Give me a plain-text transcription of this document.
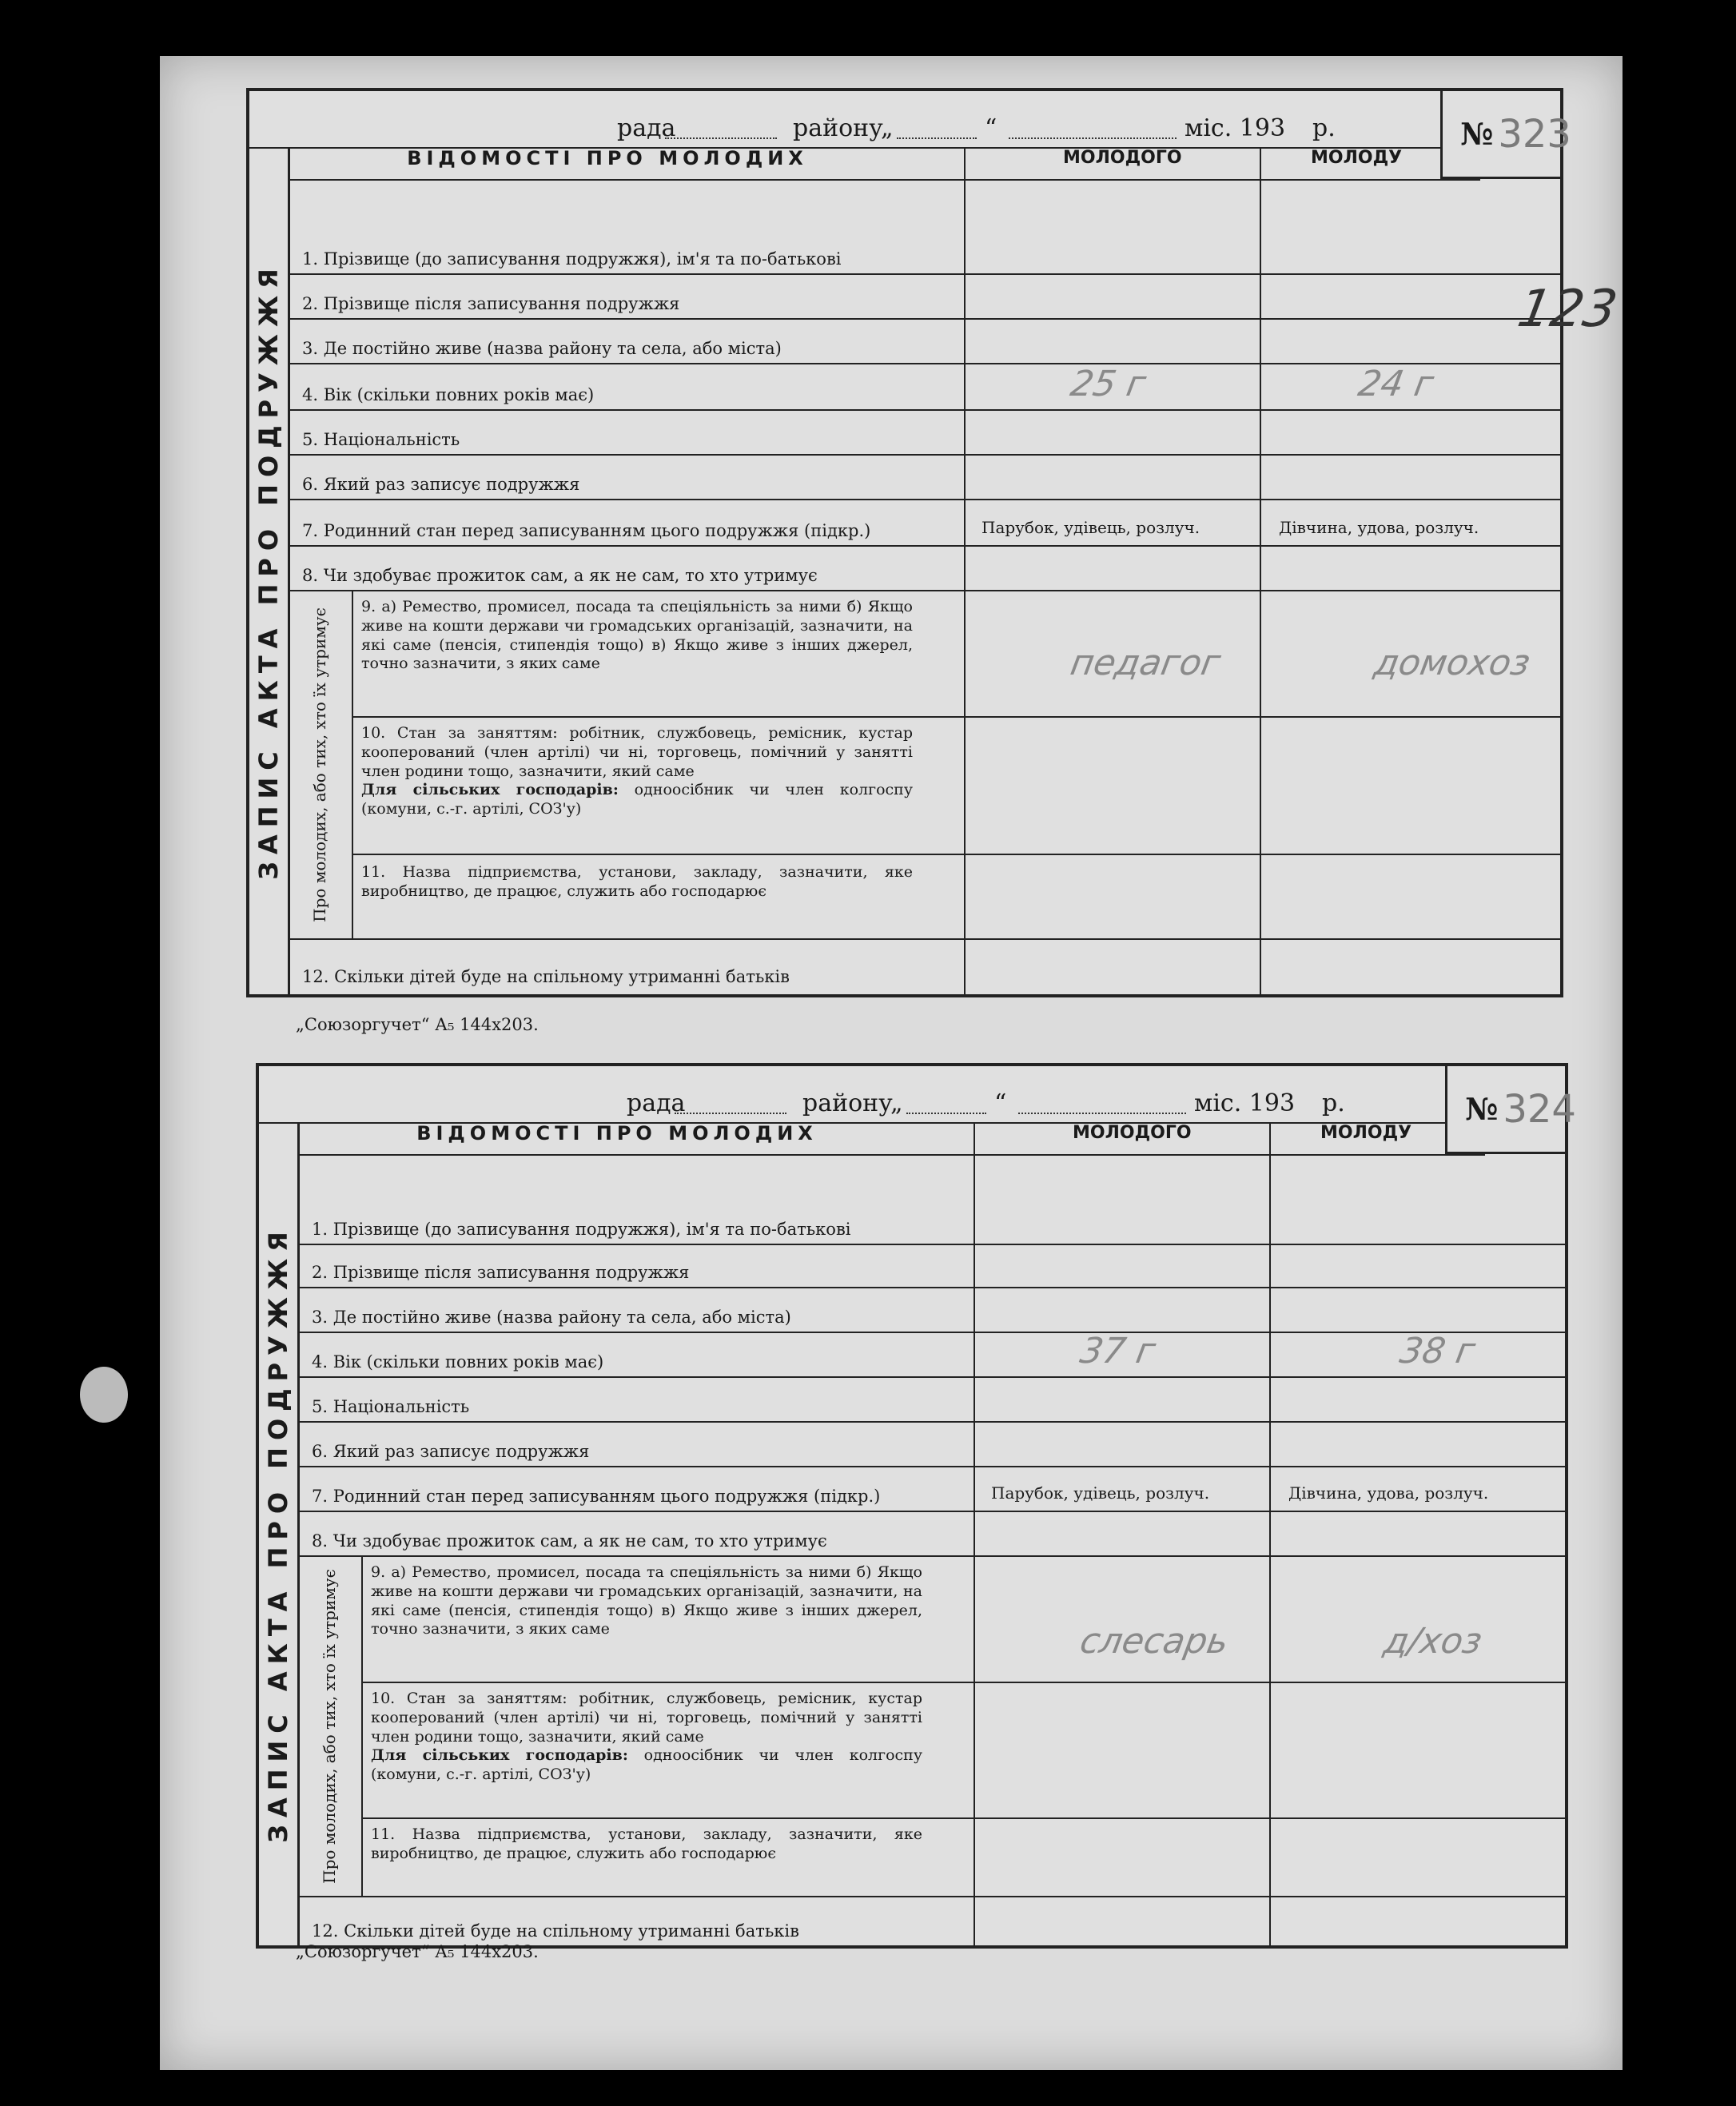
рада	району
„	“	міс. 193 р.	№ 323
ЗАПИС АКТА ПРО ПОДРУЖЖЯ
ВІДОМОСТІ ПРО МОЛОДИХ	МОЛОДОГО	МОЛОДУ
1. Прізвище (до записування подружжя), ім'я та по-батькові
2. Прізвище після записування подружжя
3. Де постійно живе (назва району та села, або міста)
4. Вік (скільки повних років має)	25 г	24 г
5. Національність
6. Який раз записує подружжя
7. Родинний стан перед записуванням цього подружжя (підкр.)	Парубок, удівець, розлуч.	Дівчина, удова, розлуч.
8. Чи здобуває прожиток сам, а як не сам, то хто утримує
Про молодих, або тих, хто їх утримує
9. а) Ремество, промисел, посада та спеціяльність за ними б) Якщо живе на кошти держави чи громадських організацій, зазначити, на які саме (пенсія, стипендія тощо) в) Якщо живе з інших джерел, точно зазначити, з яких саме	педагог	домохоз
10. Стан за заняттям: робітник, службовець, ремісник, кустар кооперований (член артілі) чи ні, торговець, помічний у занятті член родини тощо, зазначити, який саме
Для сільських господарів: одноосібник чи член колгоспу (комуни, с.-г. артілі, СОЗ'у)
11. Назва підприємства, установи, закладу, зазначити, яке виробництво, де працює, служить або господарює
12. Скільки дітей буде на спільному утриманні батьків
123
„Союзоргучет“ А₅ 144х203.
рада	району
„	“	міс. 193 р.	№ 324
ЗАПИС АКТА ПРО ПОДРУЖЖЯ
ВІДОМОСТІ ПРО МОЛОДИХ	МОЛОДОГО	МОЛОДУ
1. Прізвище (до записування подружжя), ім'я та по-батькові
2. Прізвище після записування подружжя
3. Де постійно живе (назва району та села, або міста)
4. Вік (скільки повних років має)	37 г	38 г
5. Національність
6. Який раз записує подружжя
7. Родинний стан перед записуванням цього подружжя (підкр.)	Парубок, удівець, розлуч.	Дівчина, удова, розлуч.
8. Чи здобуває прожиток сам, а як не сам, то хто утримує
Про молодих, або тих, хто їх утримує 9. а) Ремество, промисел, посада та спеціяльність за ними б) Якщо живе на кошти держави чи громадських організацій, зазначити, на які саме (пенсія, стипендія тощо) в) Якщо живе з інших джерел, точно зазначити, з яких саме	слесарь	д/хоз
10. Стан за заняттям: робітник, службовець, ремісник, кустар кооперований (член артілі) чи ні, торговець, помічний у занятті член родини тощо, зазначити, який саме
Для сільських господарів: одноосібник чи член колгоспу (комуни, с.-г. артілі, СОЗ'у)
11. Назва підприємства, установи, закладу, зазначити, яке виробництво, де працює, служить або господарює
12. Скільки дітей буде на спільному утриманні батьків
„Союзоргучет“ А₅ 144х203.
